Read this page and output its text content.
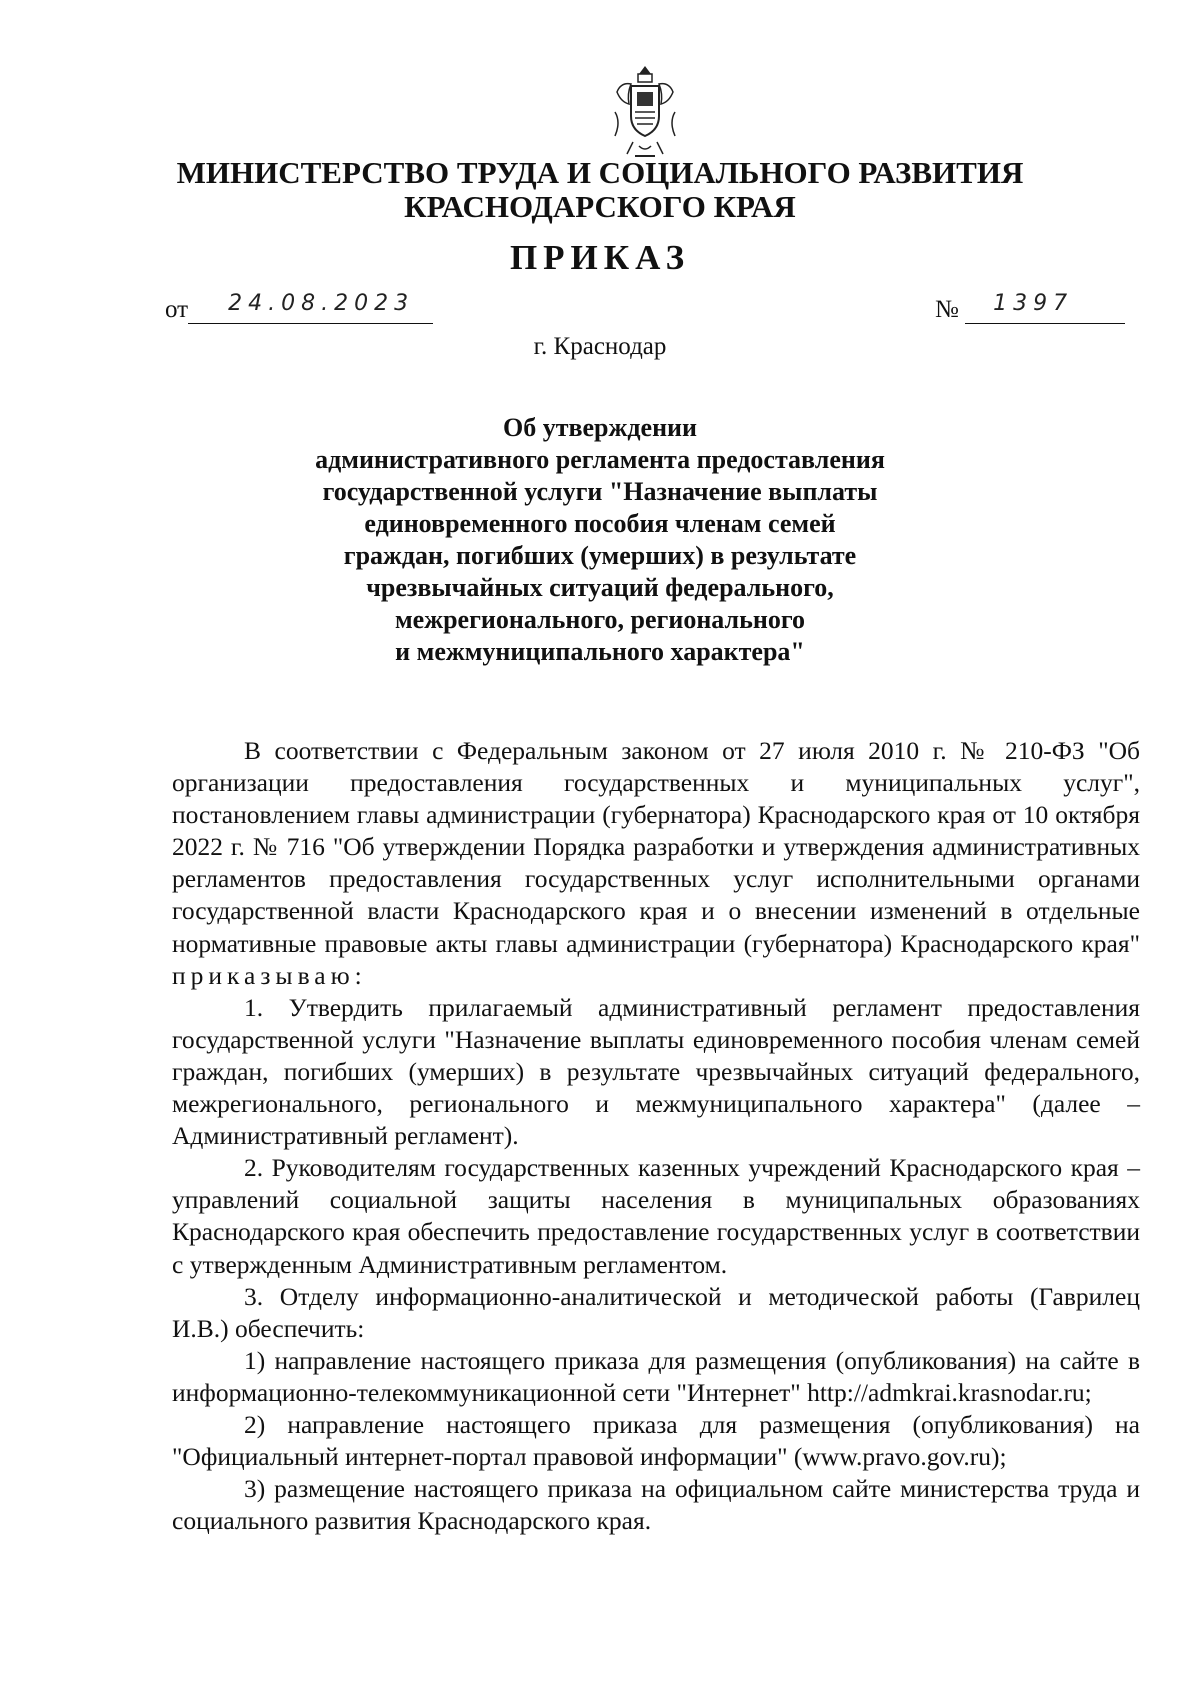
МИНИСТЕРСТВО ТРУДА И СОЦИАЛЬНОГО РАЗВИТИЯ
КРАСНОДАРСКОГО КРАЯ
ПРИКАЗ
от 24.08.2023	№ 1397
г. Краснодар
Об утверждении
административного регламента предоставления
государственной услуги "Назначение выплаты
единовременного пособия членам семей
граждан, погибших (умерших) в результате
чрезвычайных ситуаций федерального,
межрегионального, регионального
и межмуниципального характера"

В соответствии с Федеральным законом от 27 июля 2010 г. № 210-ФЗ "Об организации предоставления государственных и муниципальных услуг", постановлением главы администрации (губернатора) Краснодарского края от 10 октября 2022 г. № 716 "Об утверждении Порядка разработки и утверждения административных регламентов предоставления государственных услуг исполнительными органами государственной власти Краснодарского края и о внесении изменений в отдельные нормативные правовые акты главы администрации (губернатора) Краснодарского края" приказываю:

1. Утвердить прилагаемый административный регламент предоставления государственной услуги "Назначение выплаты единовременного пособия членам семей граждан, погибших (умерших) в результате чрезвычайных ситуаций федерального, межрегионального, регионального и межмуниципального характера" (далее – Административный регламент).

2. Руководителям государственных казенных учреждений Краснодарского края – управлений социальной защиты населения в муниципальных образованиях Краснодарского края обеспечить предоставление государственных услуг в соответствии с утвержденным Административным регламентом.

3. Отделу информационно-аналитической и методической работы (Гаврилец И.В.) обеспечить:

1) направление настоящего приказа для размещения (опубликования) на сайте в информационно-телекоммуникационной сети "Интернет" http://admkrai.krasnodar.ru;

2) направление настоящего приказа для размещения (опубликования) на "Официальный интернет-портал правовой информации" (www.pravo.gov.ru);

3) размещение настоящего приказа на официальном сайте министерства труда и социального развития Краснодарского края.
